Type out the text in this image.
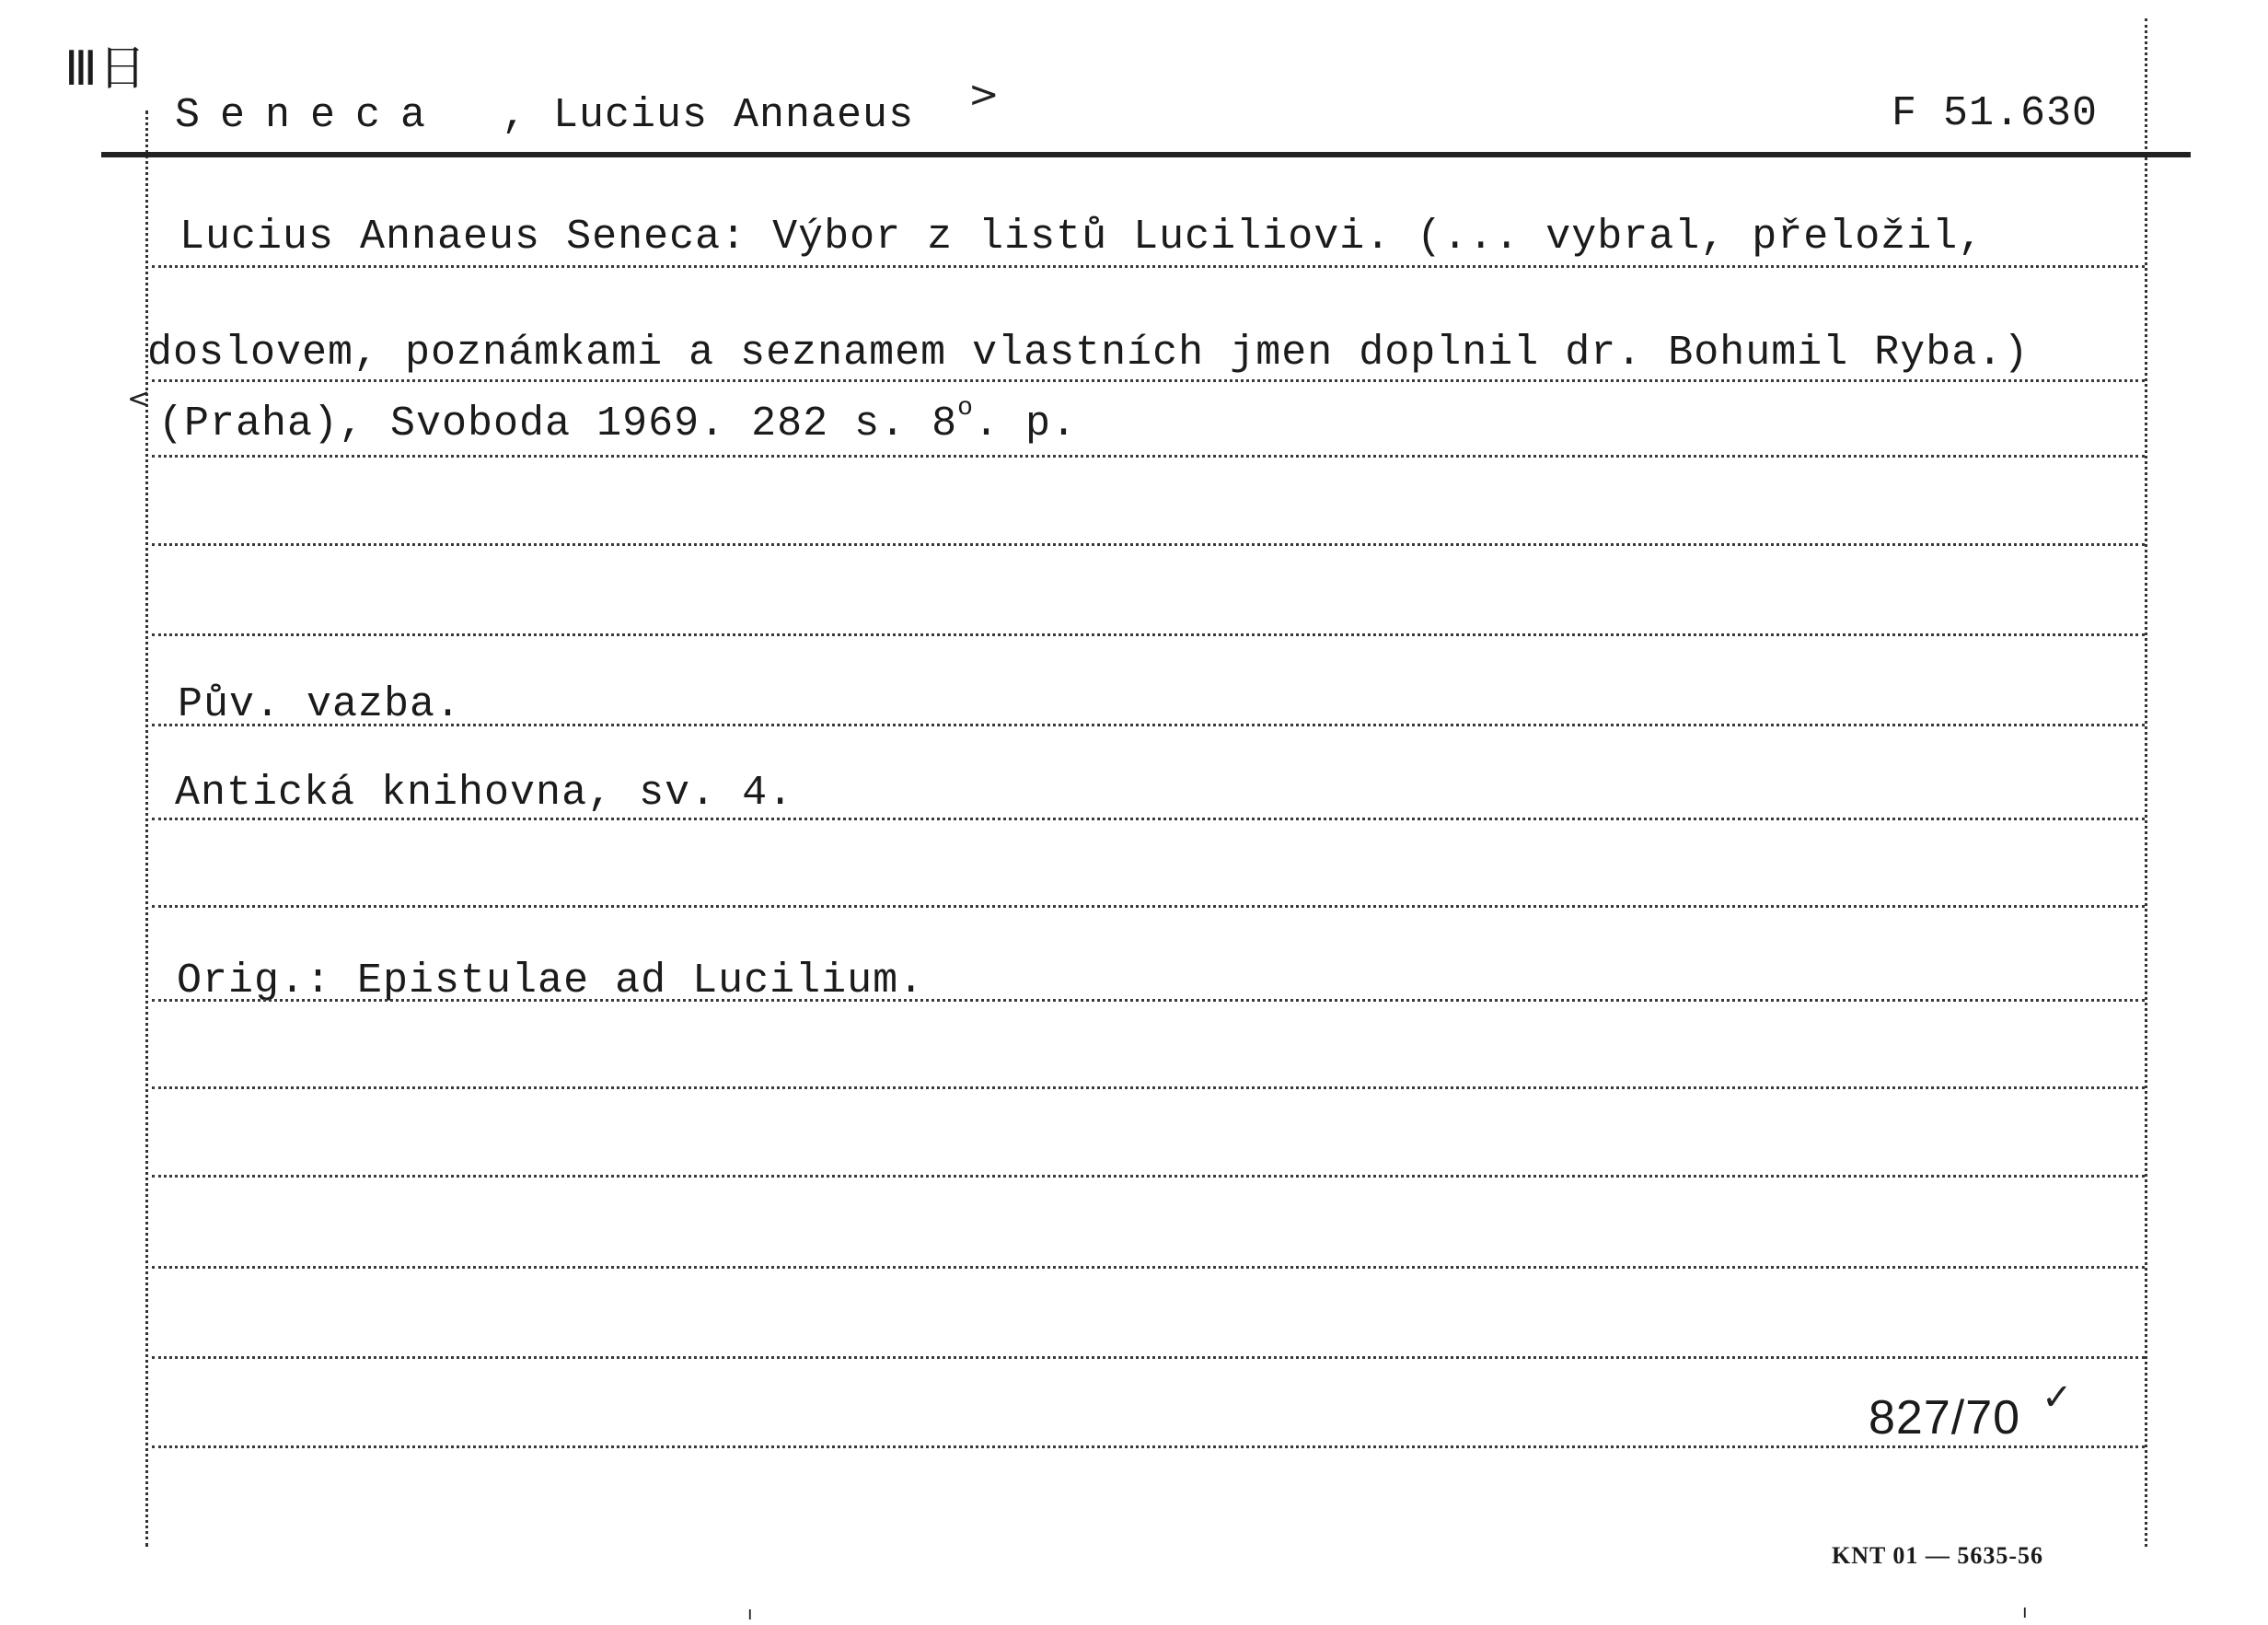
Ⅲ日
Seneca , Lucius Annaeus >	F 51.630
Lucius Annaeus Seneca: Výbor z listů Luciliovi. (... vybral, přeložil,
doslovem, poznámkami a seznamem vlastních jmen doplnil dr. Bohumil Ryba.)
<
(Praha), Svoboda 1969. 282 s. 8$^o$. p.
Pův. vazba.
Antická knihovna, sv. 4.
Orig.: Epistulae ad Lucilium.
827/70 ✓
KNT 01 — 5635-56
ı	ı
